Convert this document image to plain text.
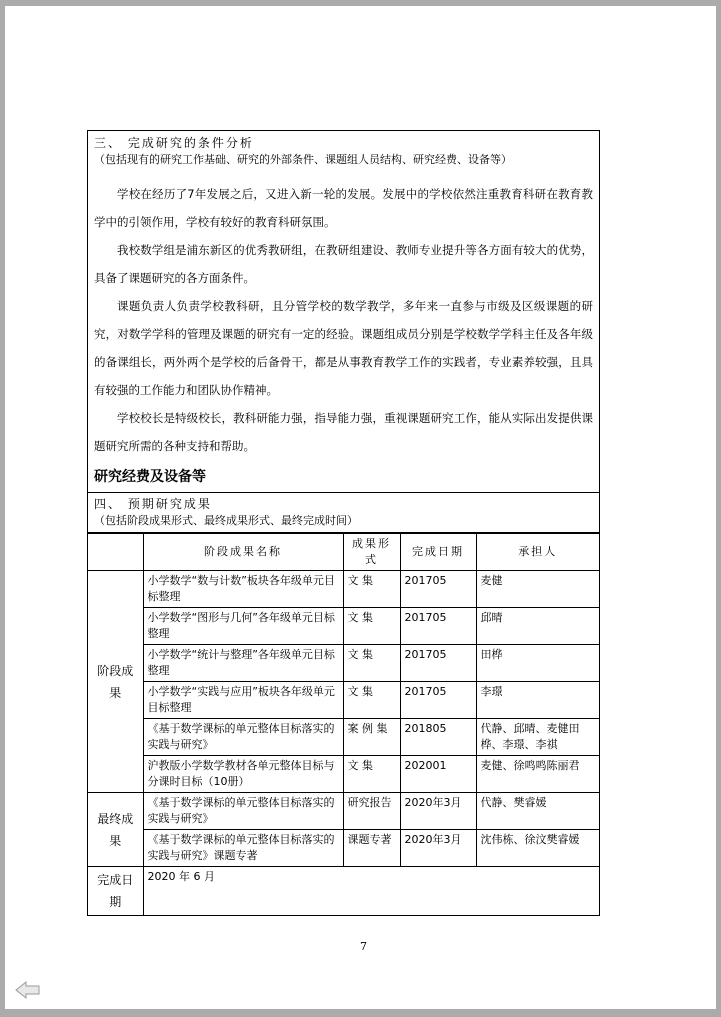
三、 完成研究的条件分析
（包括现有的研究工作基础、研究的外部条件、课题组人员结构、研究经费、设备等）

学校在经历了7年发展之后，又进入新一轮的发展。发展中的学校依然注重教育科研在教育教学中的引领作用，学校有较好的教育科研氛围。

我校数学组是浦东新区的优秀教研组，在教研组建设、教师专业提升等各方面有较大的优势，具备了课题研究的各方面条件。

课题负责人负责学校教科研，且分管学校的数学教学，多年来一直参与市级及区级课题的研究，对数学学科的管理及课题的研究有一定的经验。课题组成员分别是学校数学学科主任及各年级的备课组长，两外两个是学校的后备骨干，都是从事教育教学工作的实践者，专业素养较强，且具有较强的工作能力和团队协作精神。

学校校长是特级校长，教科研能力强，指导能力强，重视课题研究工作，能从实际出发提供课题研究所需的各种支持和帮助。

研究经费及设备等
四、 预期研究成果
（包括阶段成果形式、最终成果形式、最终完成时间）
	阶段成果名称	成果形式	完成日期	承担人
阶段成果	小学数学“数与计数”板块各年级单元目标整理	文 集	201705	麦健
	小学数学“图形与几何”各年级单元目标整理	文 集	201705	邱晴
	小学数学“统计与整理”各年级单元目标整理	文 集	201705	田桦
	小学数学“实践与应用”板块各年级单元目标整理	文 集	201705	李璟
	《基于数学课标的单元整体目标落实的实践与研究》	案 例 集	201805	代静、邱晴、麦健田桦、李璟、李祺
	沪教版小学数学教材各单元整体目标与分课时目标（10册）	文 集	202001	麦健、徐鸣鸣陈丽君
最终成果	《基于数学课标的单元整体目标落实的实践与研究》	研究报告	2020年3月	代静、樊睿媛
	《基于数学课标的单元整体目标落实的实践与研究》课题专著	课题专著	2020年3月	沈伟栋、徐汶樊睿媛
完成日期	2020 年 6 月			
7
